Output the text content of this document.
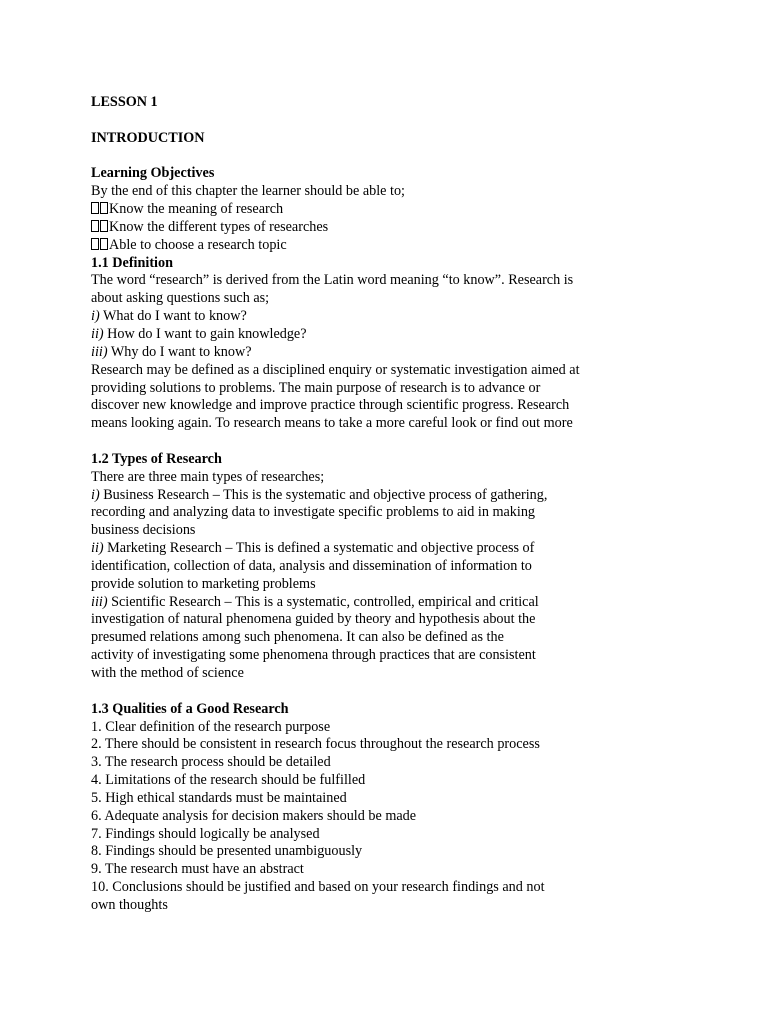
LESSON 1
INTRODUCTION
Learning Objectives
By the end of this chapter the learner should be able to;
Know the meaning of research
Know the different types of researches
Able to choose a research topic
1.1 Definition
The word “research” is derived from the Latin word meaning “to know”. Research is
about asking questions such as;
i) What do I want to know?
ii) How do I want to gain knowledge?
iii) Why do I want to know?
Research may be defined as a disciplined enquiry or systematic investigation aimed at
providing solutions to problems. The main purpose of research is to advance or
discover new knowledge and improve practice through scientific progress. Research
means looking again. To research means to take a more careful look or find out more
1.2 Types of Research
There are three main types of researches;
i) Business Research – This is the systematic and objective process of gathering,
recording and analyzing data to investigate specific problems to aid in making
business decisions
ii) Marketing Research – This is defined a systematic and objective process of
identification, collection of data, analysis and dissemination of information to
provide solution to marketing problems
iii) Scientific Research – This is a systematic, controlled, empirical and critical
investigation of natural phenomena guided by theory and hypothesis about the
presumed relations among such phenomena. It can also be defined as the
activity of investigating some phenomena through practices that are consistent
with the method of science
1.3 Qualities of a Good Research
1. Clear definition of the research purpose
2. There should be consistent in research focus throughout the research process
3. The research process should be detailed
4. Limitations of the research should be fulfilled
5. High ethical standards must be maintained
6. Adequate analysis for decision makers should be made
7. Findings should logically be analysed
8. Findings should be presented unambiguously
9. The research must have an abstract
10. Conclusions should be justified and based on your research findings and not
own thoughts
